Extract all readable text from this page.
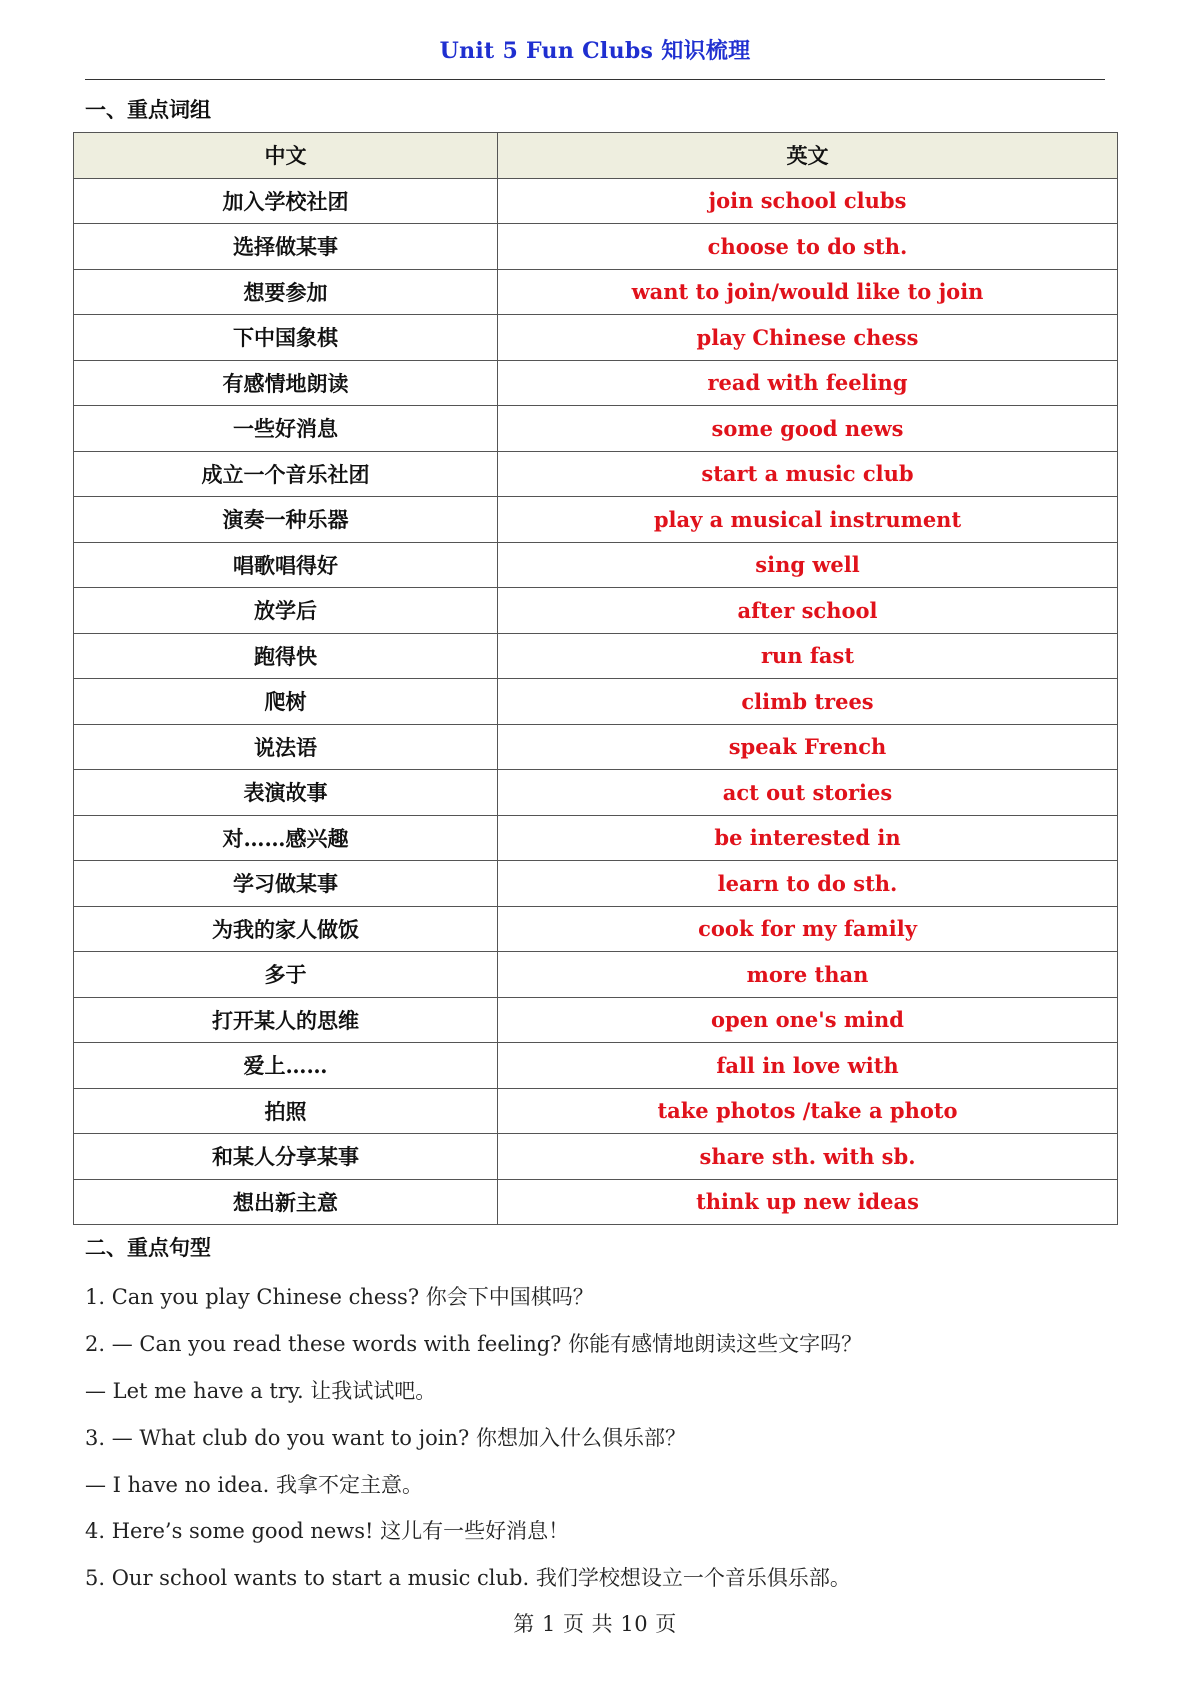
Unit 5 Fun Clubs 知识梳理
一、重点词组
中文	英文
加入学校社团	join school clubs
选择做某事	choose to do sth.
想要参加	want to join/would like to join
下中国象棋	play Chinese chess
有感情地朗读	read with feeling
一些好消息	some good news
成立一个音乐社团	start a music club
演奏一种乐器	play a musical instrument
唱歌唱得好	sing well
放学后	after school
跑得快	run fast
爬树	climb trees
说法语	speak French
表演故事	act out stories
对……感兴趣	be interested in
学习做某事	learn to do sth.
为我的家人做饭	cook for my family
多于	more than
打开某人的思维	open one's mind
爱上……	fall in love with
拍照	take photos /take a photo
和某人分享某事	share sth. with sb.
想出新主意	think up new ideas
二、重点句型
1. Can you play Chinese chess? 你会下中国棋吗？
2. — Can you read these words with feeling? 你能有感情地朗读这些文字吗？
— Let me have a try. 让我试试吧。
3. — What club do you want to join? 你想加入什么俱乐部？
— I have no idea. 我拿不定主意。
4. Here’s some good news! 这儿有一些好消息！
5. Our school wants to start a music club. 我们学校想设立一个音乐俱乐部。
第 1 页 共 10 页
